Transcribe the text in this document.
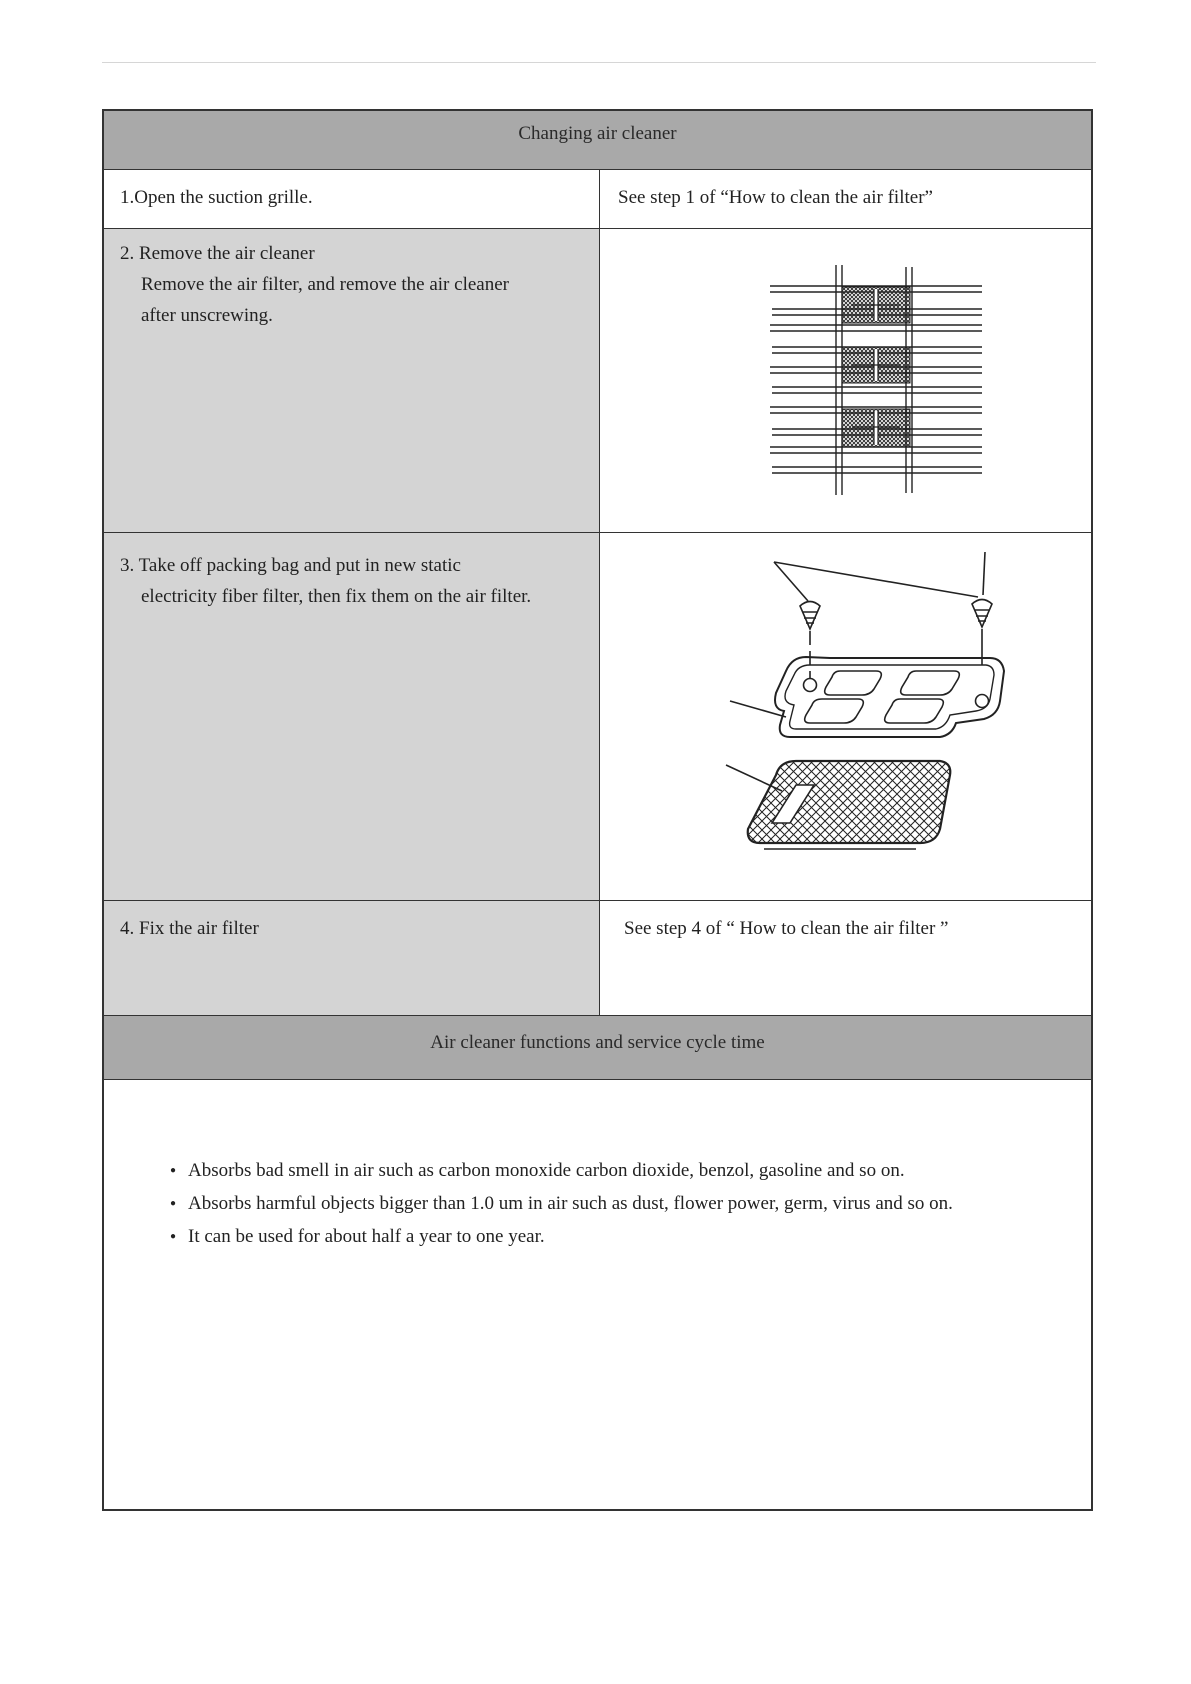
Changing air cleaner
1.Open the suction grille.	See step 1 of “How to clean the air filter”
2. Remove the air cleaner
Remove the air filter, and remove the air cleaner
after unscrewing.
3. Take off packing bag and put in new static
electricity fiber filter, then fix them on the air filter.
4. Fix the air filter	See step 4 of “ How to clean the air filter ”
Air cleaner functions and service cycle time
● Absorbs bad smell in air such as carbon monoxide carbon dioxide, benzol, gasoline and so on.
● Absorbs harmful objects bigger than 1.0 um in air such as dust, flower power, germ, virus and so on.
● It can be used for about half a year to one year.
